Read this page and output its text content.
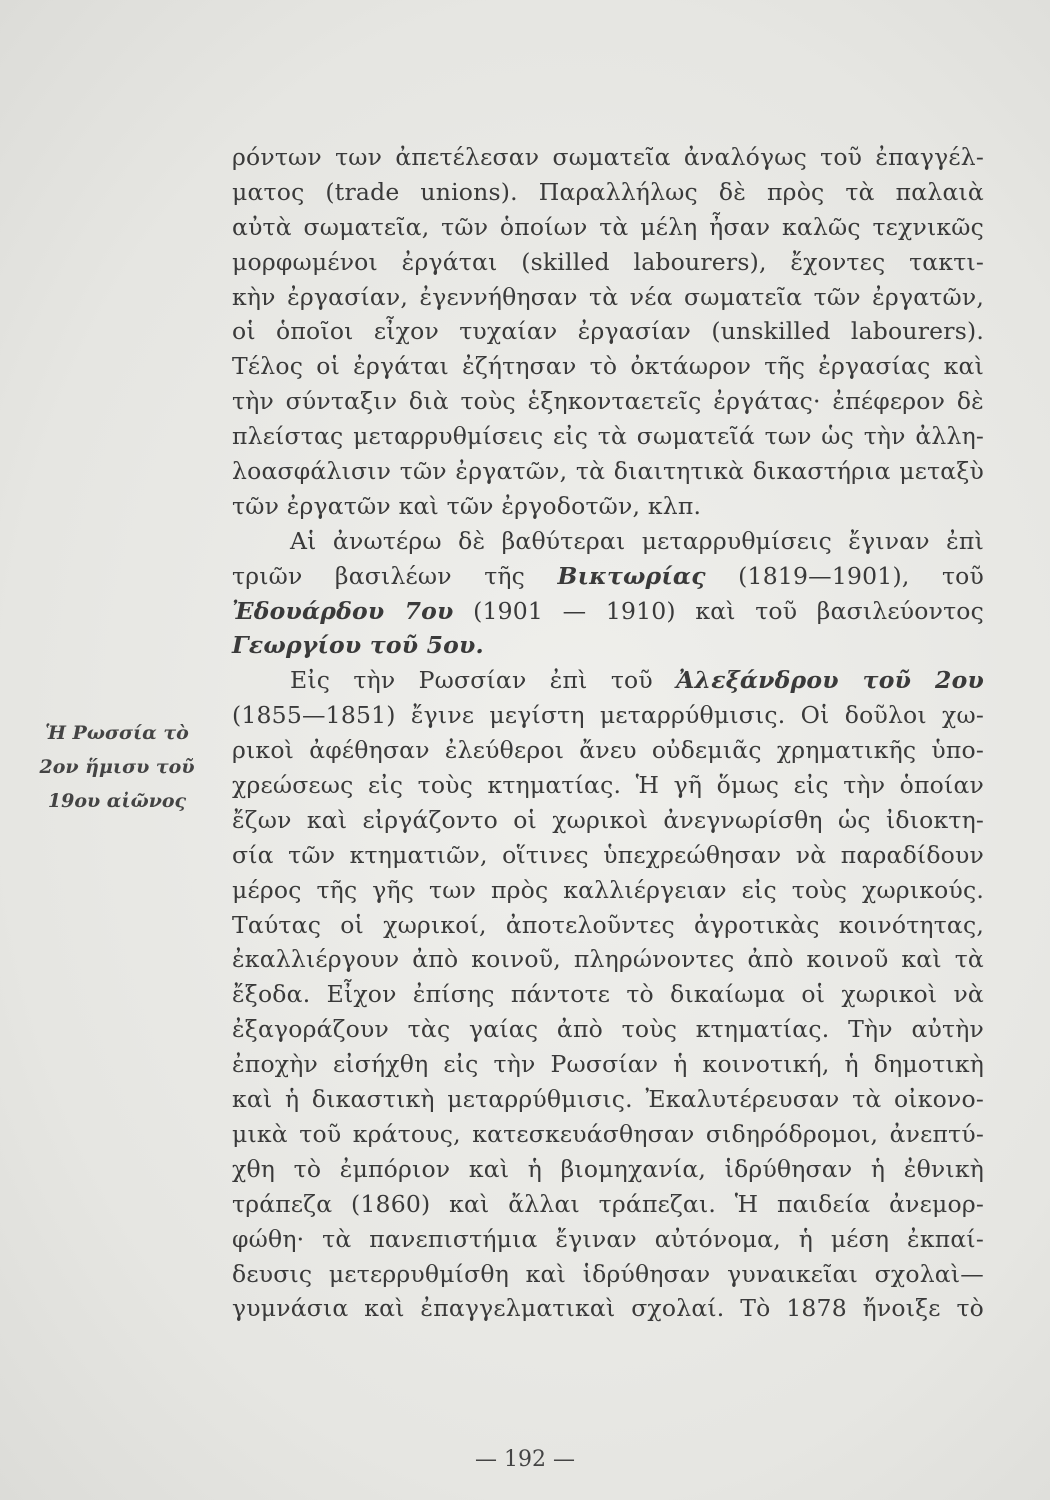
Ἡ Ρωσσία τὸ
2ον ἥμισυ τοῦ
19ου αἰῶνος
ρόντων των ἀπετέλεσαν σωματεῖα ἀναλόγως τοῦ ἐπαγγέλ-
ματος (trade unions). Παραλλήλως δὲ πρὸς τὰ παλαιὰ
αὐτὰ σωματεῖα, τῶν ὁποίων τὰ μέλη ἦσαν καλῶς τεχνικῶς
μορφωμένοι ἐργάται (skilled labourers), ἔχοντες τακτι-
κὴν ἐργασίαν, ἐγεννήθησαν τὰ νέα σωματεῖα τῶν ἐργατῶν,
οἱ ὁποῖοι εἶχον τυχαίαν ἐργασίαν (unskilled labourers).
Τέλος οἱ ἐργάται ἐζήτησαν τὸ ὀκτάωρον τῆς ἐργασίας καὶ
τὴν σύνταξιν διὰ τοὺς ἑξηκονταετεῖς ἐργάτας· ἐπέφερον δὲ
πλείστας μεταρρυθμίσεις εἰς τὰ σωματεῖά των ὡς τὴν ἀλλη-
λοασφάλισιν τῶν ἐργατῶν, τὰ διαιτητικὰ δικαστήρια μεταξὺ
τῶν ἐργατῶν καὶ τῶν ἐργοδοτῶν, κλπ.
Αἱ ἀνωτέρω δὲ βαθύτεραι μεταρρυθμίσεις ἔγιναν ἐπὶ
τριῶν βασιλέων τῆς Βικτωρίας (1819—1901), τοῦ
Ἐδουάρδου 7ου (1901 — 1910) καὶ τοῦ βασιλεύοντος
Γεωργίου τοῦ 5ου.
Εἰς τὴν Ρωσσίαν ἐπὶ τοῦ Ἀλεξάνδρου τοῦ 2ου
(1855—1851) ἔγινε μεγίστη μεταρρύθμισις. Οἱ δοῦλοι χω-
ρικοὶ ἀφέθησαν ἐλεύθεροι ἄνευ οὐδεμιᾶς χρηματικῆς ὑπο-
χρεώσεως εἰς τοὺς κτηματίας. Ἡ γῆ ὅμως εἰς τὴν ὁποίαν
ἔζων καὶ εἰργάζοντο οἱ χωρικοὶ ἀνεγνωρίσθη ὡς ἰδιοκτη-
σία τῶν κτηματιῶν, οἵτινες ὑπεχρεώθησαν νὰ παραδίδουν
μέρος τῆς γῆς των πρὸς καλλιέργειαν εἰς τοὺς χωρικούς.
Ταύτας οἱ χωρικοί, ἀποτελοῦντες ἀγροτικὰς κοινότητας,
ἐκαλλιέργουν ἀπὸ κοινοῦ, πληρώνοντες ἀπὸ κοινοῦ καὶ τὰ
ἔξοδα. Εἶχον ἐπίσης πάντοτε τὸ δικαίωμα οἱ χωρικοὶ νὰ
ἐξαγοράζουν τὰς γαίας ἀπὸ τοὺς κτηματίας. Τὴν αὐτὴν
ἐποχὴν εἰσήχθη εἰς τὴν Ρωσσίαν ἡ κοινοτική, ἡ δημοτικὴ
καὶ ἡ δικαστικὴ μεταρρύθμισις. Ἐκαλυτέρευσαν τὰ οἰκονο-
μικὰ τοῦ κράτους, κατεσκευάσθησαν σιδηρόδρομοι, ἀνεπτύ-
χθη τὸ ἐμπόριον καὶ ἡ βιομηχανία, ἱδρύθησαν ἡ ἐθνικὴ
τράπεζα (1860) καὶ ἄλλαι τράπεζαι. Ἡ παιδεία ἀνεμορ-
φώθη· τὰ πανεπιστήμια ἔγιναν αὐτόνομα, ἡ μέση ἐκπαί-
δευσις μετερρυθμίσθη καὶ ἱδρύθησαν γυναικεῖαι σχολαὶ—
γυμνάσια καὶ ἐπαγγελματικαὶ σχολαί. Τὸ 1878 ἤνοιξε τὸ
— 192 —
